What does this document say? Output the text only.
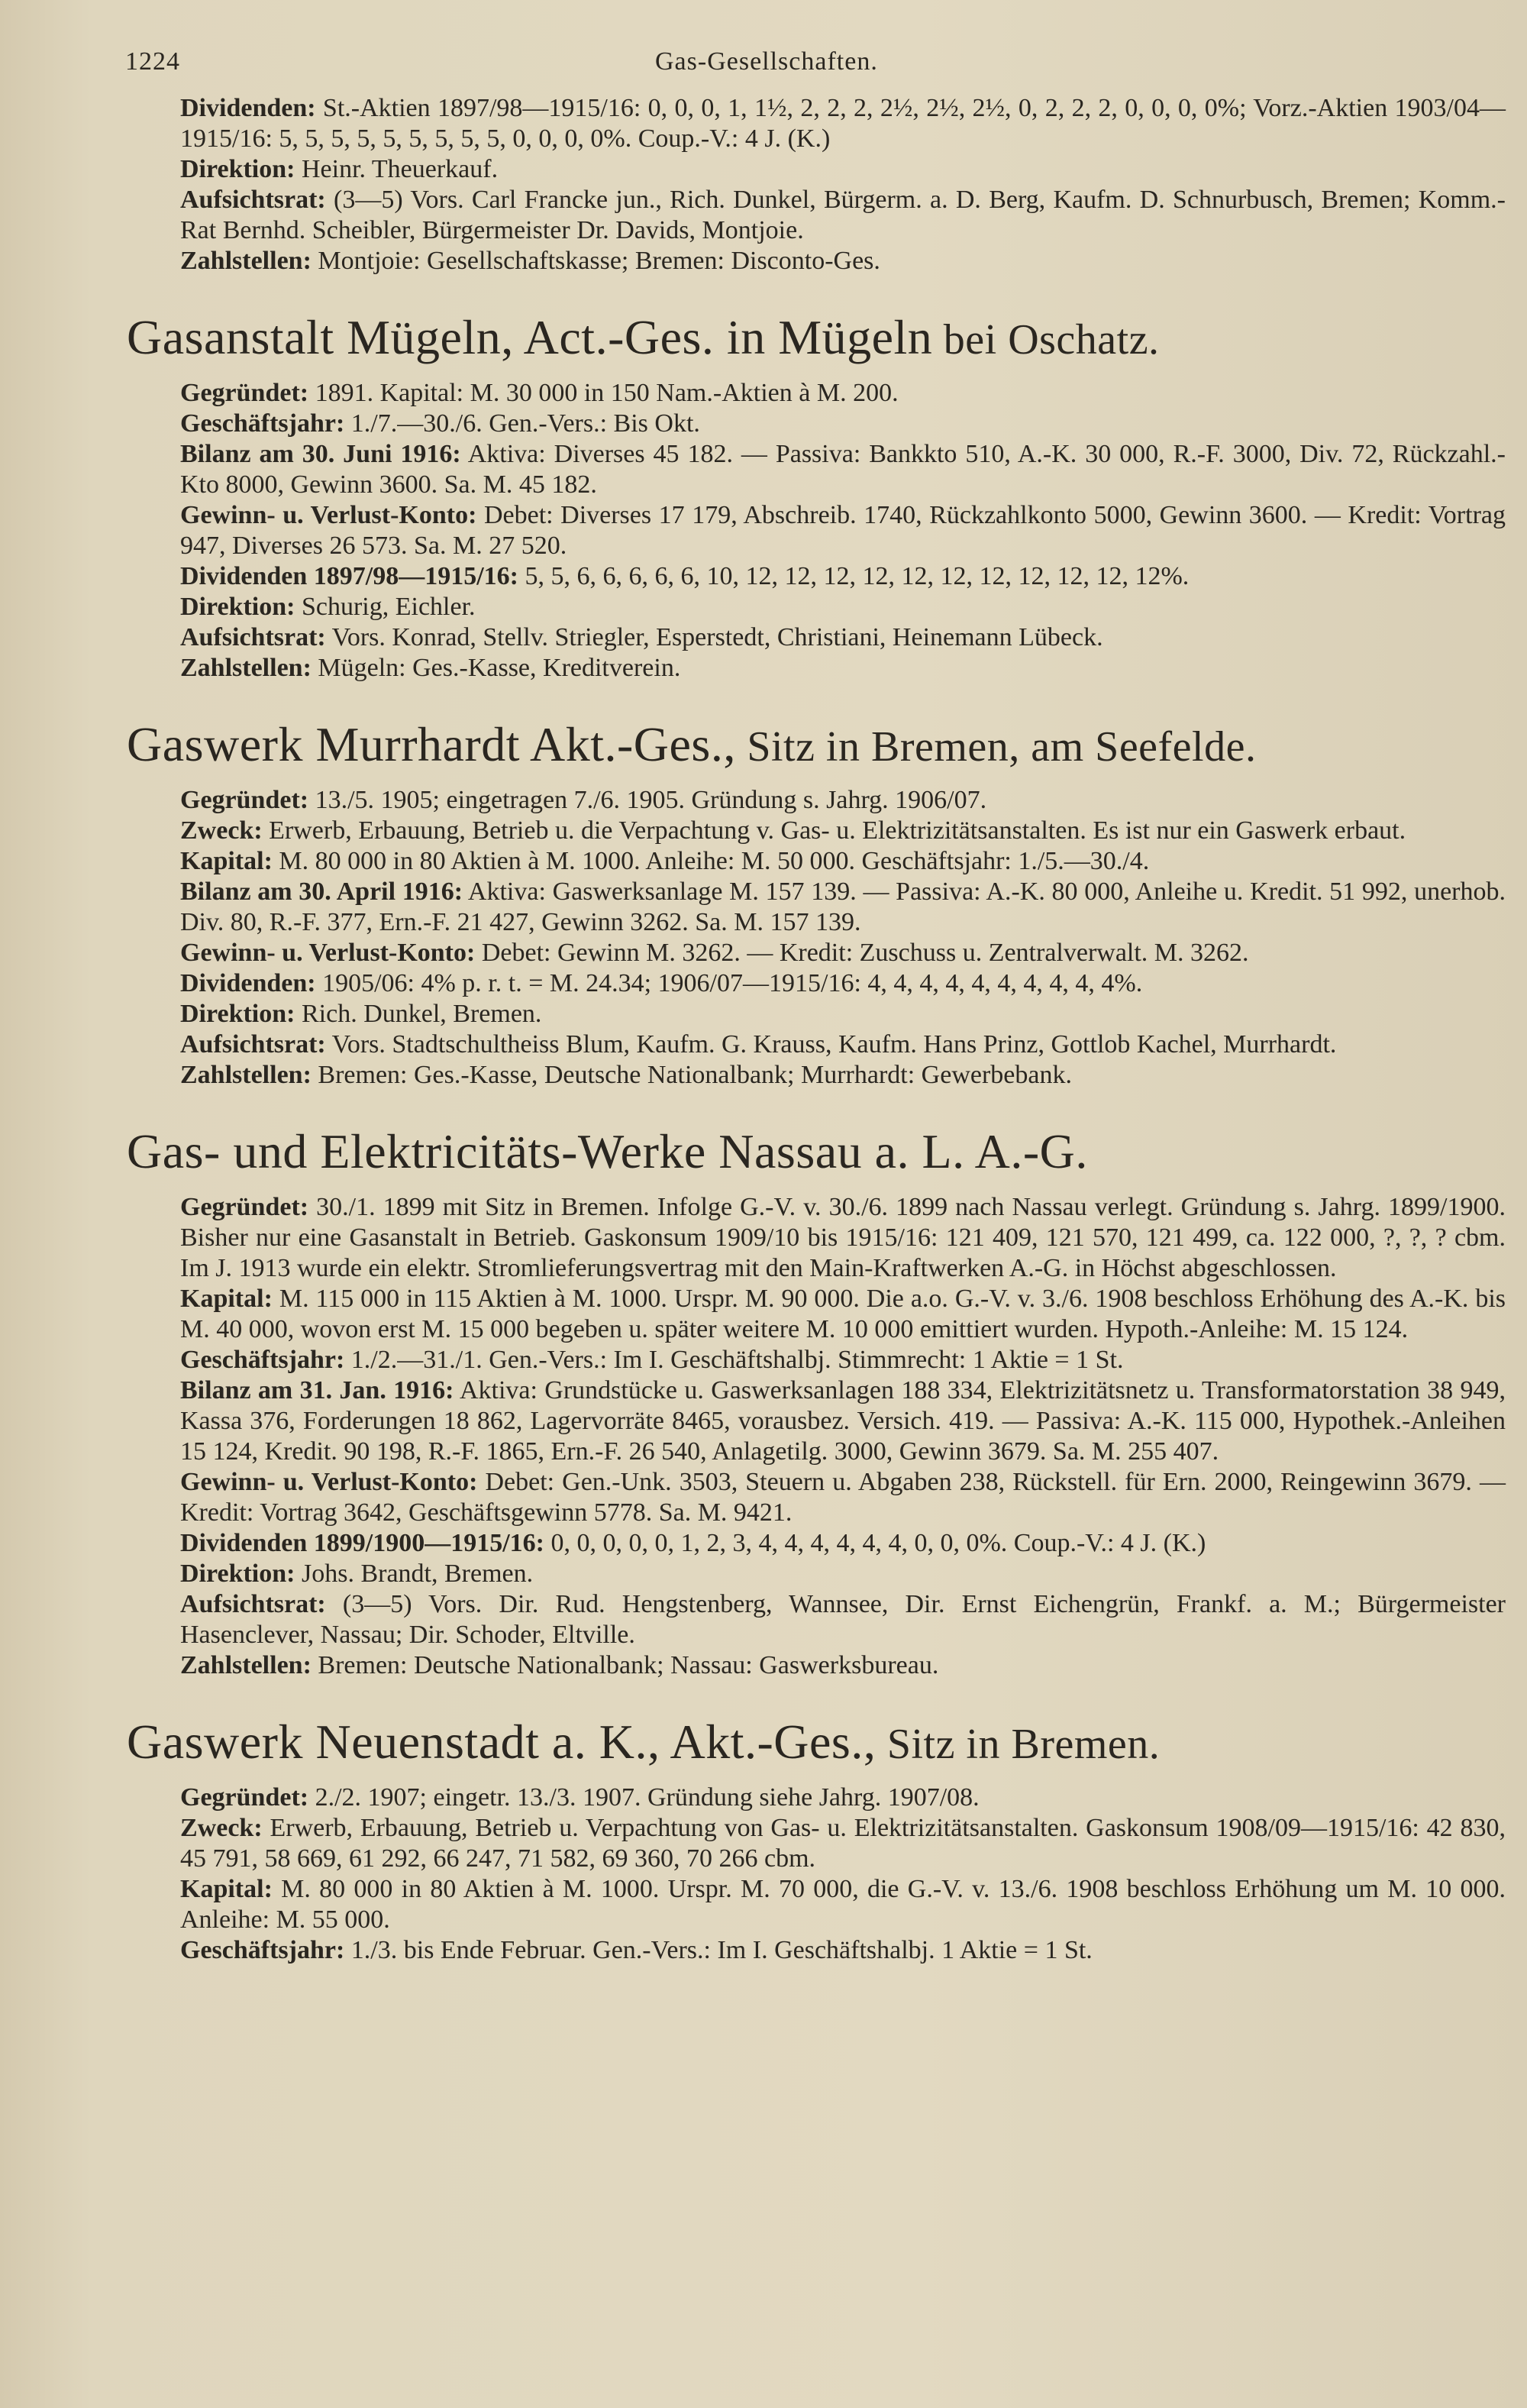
1224	Gas-Gesellschaften.

Dividenden: St.-Aktien 1897/98—1915/16: 0, 0, 0, 1, 1½, 2, 2, 2, 2½, 2½, 2½, 0, 2, 2, 2, 0, 0, 0, 0%; Vorz.-Aktien 1903/04—1915/16: 5, 5, 5, 5, 5, 5, 5, 5, 5, 0, 0, 0, 0%. Coup.-V.: 4 J. (K.)

Direktion: Heinr. Theuerkauf.

Aufsichtsrat: (3—5) Vors. Carl Francke jun., Rich. Dunkel, Bürgerm. a. D. Berg, Kaufm. D. Schnurbusch, Bremen; Komm.-Rat Bernhd. Scheibler, Bürgermeister Dr. Davids, Montjoie.

Zahlstellen: Montjoie: Gesellschaftskasse; Bremen: Disconto-Ges.

Gasanstalt Mügeln, Act.-Ges. in Mügeln bei Oschatz.

Gegründet: 1891. Kapital: M. 30 000 in 150 Nam.-Aktien à M. 200.

Geschäftsjahr: 1./7.—30./6. Gen.-Vers.: Bis Okt.

Bilanz am 30. Juni 1916: Aktiva: Diverses 45 182. — Passiva: Bankkto 510, A.-K. 30 000, R.-F. 3000, Div. 72, Rückzahl.-Kto 8000, Gewinn 3600. Sa. M. 45 182.

Gewinn- u. Verlust-Konto: Debet: Diverses 17 179, Abschreib. 1740, Rückzahlkonto 5000, Gewinn 3600. — Kredit: Vortrag 947, Diverses 26 573. Sa. M. 27 520.

Dividenden 1897/98—1915/16: 5, 5, 6, 6, 6, 6, 6, 10, 12, 12, 12, 12, 12, 12, 12, 12, 12, 12, 12%.

Direktion: Schurig, Eichler.

Aufsichtsrat: Vors. Konrad, Stellv. Striegler, Esperstedt, Christiani, Heinemann Lübeck.

Zahlstellen: Mügeln: Ges.-Kasse, Kreditverein.

Gaswerk Murrhardt Akt.-Ges., Sitz in Bremen, am Seefelde.

Gegründet: 13./5. 1905; eingetragen 7./6. 1905. Gründung s. Jahrg. 1906/07.

Zweck: Erwerb, Erbauung, Betrieb u. die Verpachtung v. Gas- u. Elektrizitätsanstalten. Es ist nur ein Gaswerk erbaut.

Kapital: M. 80 000 in 80 Aktien à M. 1000. Anleihe: M. 50 000. Geschäftsjahr: 1./5.—30./4.

Bilanz am 30. April 1916: Aktiva: Gaswerksanlage M. 157 139. — Passiva: A.-K. 80 000, Anleihe u. Kredit. 51 992, unerhob. Div. 80, R.-F. 377, Ern.-F. 21 427, Gewinn 3262. Sa. M. 157 139.

Gewinn- u. Verlust-Konto: Debet: Gewinn M. 3262. — Kredit: Zuschuss u. Zentralverwalt. M. 3262.

Dividenden: 1905/06: 4% p. r. t. = M. 24.34; 1906/07—1915/16: 4, 4, 4, 4, 4, 4, 4, 4, 4, 4%.

Direktion: Rich. Dunkel, Bremen.

Aufsichtsrat: Vors. Stadtschultheiss Blum, Kaufm. G. Krauss, Kaufm. Hans Prinz, Gottlob Kachel, Murrhardt.

Zahlstellen: Bremen: Ges.-Kasse, Deutsche Nationalbank; Murrhardt: Gewerbebank.

Gas- und Elektricitäts-Werke Nassau a. L. A.-G.

Gegründet: 30./1. 1899 mit Sitz in Bremen. Infolge G.-V. v. 30./6. 1899 nach Nassau verlegt. Gründung s. Jahrg. 1899/1900. Bisher nur eine Gasanstalt in Betrieb. Gaskonsum 1909/10 bis 1915/16: 121 409, 121 570, 121 499, ca. 122 000, ?, ?, ? cbm. Im J. 1913 wurde ein elektr. Stromlieferungsvertrag mit den Main-Kraftwerken A.-G. in Höchst abgeschlossen.

Kapital: M. 115 000 in 115 Aktien à M. 1000. Urspr. M. 90 000. Die a.o. G.-V. v. 3./6. 1908 beschloss Erhöhung des A.-K. bis M. 40 000, wovon erst M. 15 000 begeben u. später weitere M. 10 000 emittiert wurden. Hypoth.-Anleihe: M. 15 124.

Geschäftsjahr: 1./2.—31./1. Gen.-Vers.: Im I. Geschäftshalbj. Stimmrecht: 1 Aktie = 1 St.

Bilanz am 31. Jan. 1916: Aktiva: Grundstücke u. Gaswerksanlagen 188 334, Elektrizitätsnetz u. Transformatorstation 38 949, Kassa 376, Forderungen 18 862, Lagervorräte 8465, vorausbez. Versich. 419. — Passiva: A.-K. 115 000, Hypothek.-Anleihen 15 124, Kredit. 90 198, R.-F. 1865, Ern.-F. 26 540, Anlagetilg. 3000, Gewinn 3679. Sa. M. 255 407.

Gewinn- u. Verlust-Konto: Debet: Gen.-Unk. 3503, Steuern u. Abgaben 238, Rückstell. für Ern. 2000, Reingewinn 3679. — Kredit: Vortrag 3642, Geschäftsgewinn 5778. Sa. M. 9421.

Dividenden 1899/1900—1915/16: 0, 0, 0, 0, 0, 1, 2, 3, 4, 4, 4, 4, 4, 4, 0, 0, 0%. Coup.-V.: 4 J. (K.)

Direktion: Johs. Brandt, Bremen.

Aufsichtsrat: (3—5) Vors. Dir. Rud. Hengstenberg, Wannsee, Dir. Ernst Eichengrün, Frankf. a. M.; Bürgermeister Hasenclever, Nassau; Dir. Schoder, Eltville.

Zahlstellen: Bremen: Deutsche Nationalbank; Nassau: Gaswerksbureau.

Gaswerk Neuenstadt a. K., Akt.-Ges., Sitz in Bremen.

Gegründet: 2./2. 1907; eingetr. 13./3. 1907. Gründung siehe Jahrg. 1907/08.

Zweck: Erwerb, Erbauung, Betrieb u. Verpachtung von Gas- u. Elektrizitätsanstalten. Gaskonsum 1908/09—1915/16: 42 830, 45 791, 58 669, 61 292, 66 247, 71 582, 69 360, 70 266 cbm.

Kapital: M. 80 000 in 80 Aktien à M. 1000. Urspr. M. 70 000, die G.-V. v. 13./6. 1908 beschloss Erhöhung um M. 10 000. Anleihe: M. 55 000.

Geschäftsjahr: 1./3. bis Ende Februar. Gen.-Vers.: Im I. Geschäftshalbj. 1 Aktie = 1 St.
